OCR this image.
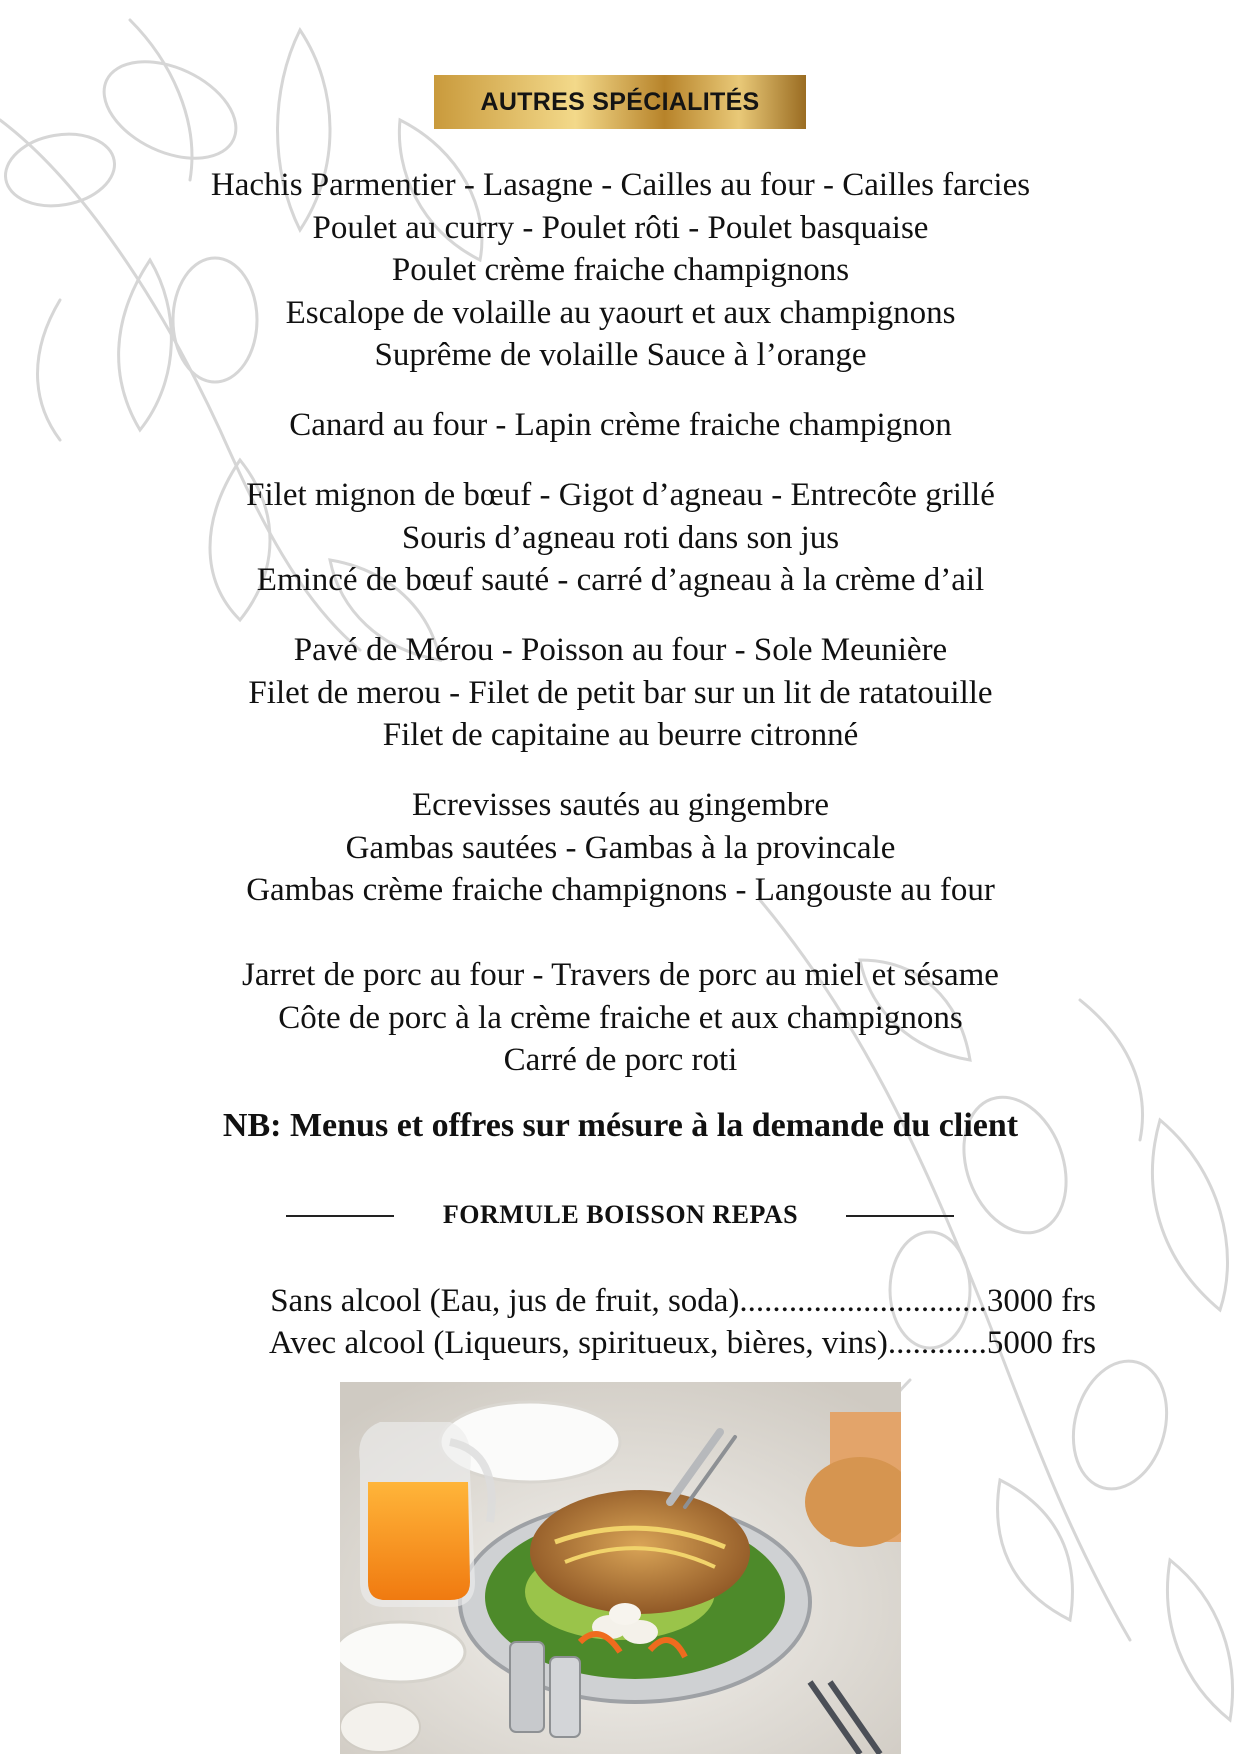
AUTRES SPÉCIALITÉS
Hachis Parmentier - Lasagne - Cailles au four - Cailles farcies
Poulet au curry - Poulet rôti - Poulet basquaise
Poulet crème fraiche champignons
Escalope de volaille au yaourt et aux champignons
Suprême de volaille Sauce à l’orange
Canard au four - Lapin crème fraiche champignon
Filet mignon de bœuf - Gigot d’agneau - Entrecôte grillé
Souris d’agneau roti dans son jus
Emincé de bœuf sauté - carré d’agneau à la crème d’ail
Pavé de Mérou - Poisson au four - Sole Meunière
Filet de merou - Filet de petit bar sur un lit de ratatouille
Filet de capitaine au beurre citronné
Ecrevisses sautés au gingembre
Gambas sautées - Gambas à la provincale
Gambas crème fraiche champignons - Langouste au four
Jarret de porc au four - Travers de porc au miel et sésame
Côte de porc à la crème fraiche et aux champignons
Carré de porc roti
NB: Menus et offres sur mésure à la demande du client
FORMULE BOISSON REPAS
Sans alcool (Eau, jus de fruit, soda)..............................3000 frs
Avec alcool (Liqueurs, spiritueux, bières, vins)............5000 frs
